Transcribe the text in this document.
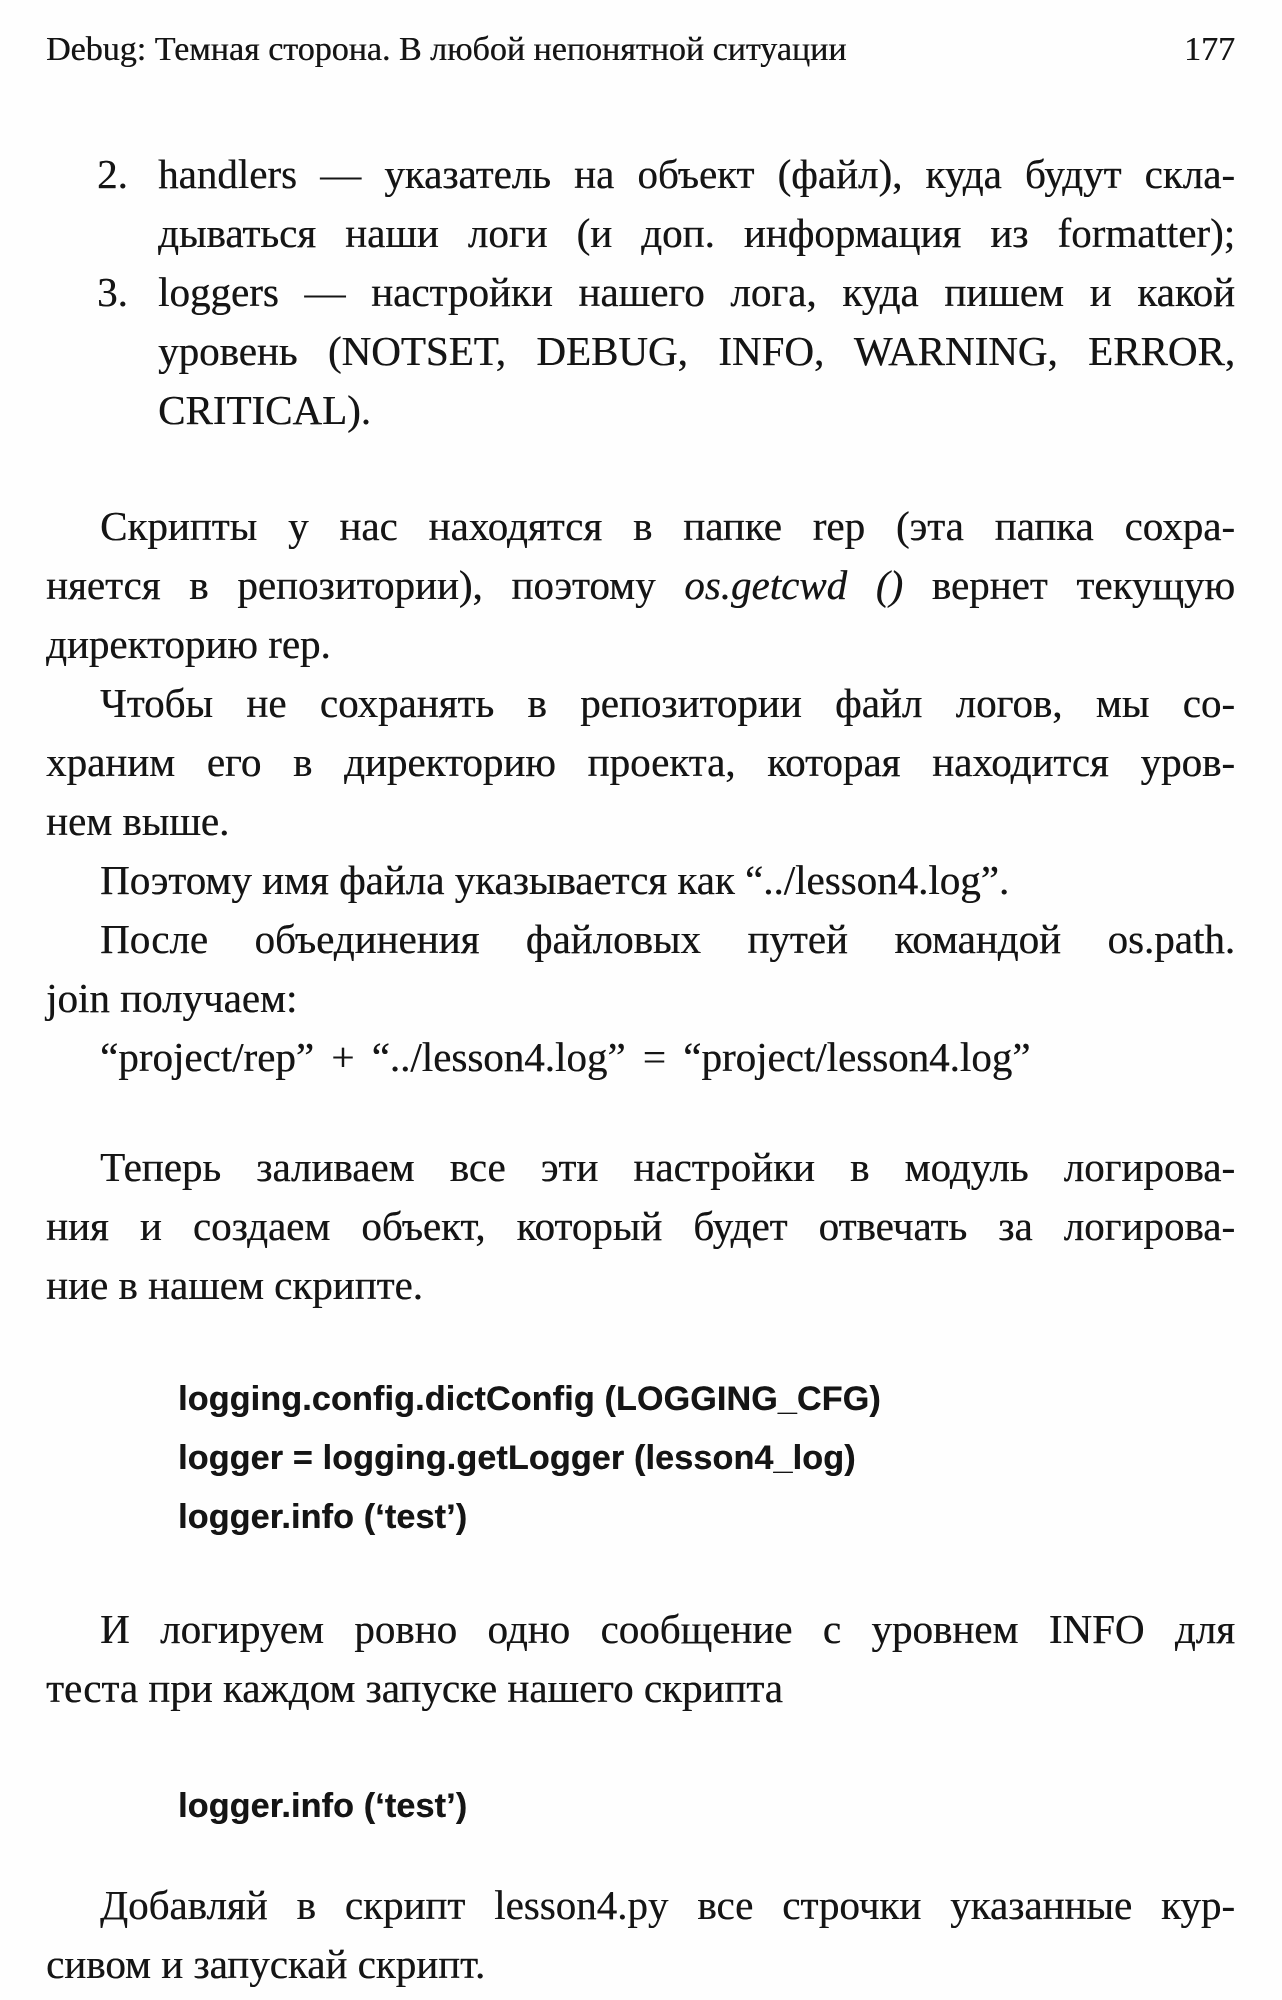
Debug: Темная сторона. В любой непонятной ситуации	177
2. handlers — указатель на объект (файл), куда будут скла-
дываться наши логи (и доп. информация из formatter);
3. loggers — настройки нашего лога, куда пишем и какой
уровень (NOTSET, DEBUG, INFO, WARNING, ERROR,
CRITICAL).
Скрипты у нас находятся в папке rep (эта папка сохра-
няется в репозитории), поэтому os.getcwd () вернет текущую
директорию rep.
Чтобы не сохранять в репозитории файл логов, мы со-
храним его в директорию проекта, которая находится уров-
нем выше.
Поэтому имя файла указывается как “../lesson4.log”.
После объединения файловых путей командой os.path.
join получаем:
“project/rep” + “../lesson4.log” = “project/lesson4.log”
Теперь заливаем все эти настройки в модуль логирова-
ния и создаем объект, который будет отвечать за логирова-
ние в нашем скрипте.
logging.config.dictConfig (LOGGING_CFG)
logger = logging.getLogger (lesson4_log)
logger.info (‘test’)
И логируем ровно одно сообщение с уровнем INFO для
теста при каждом запуске нашего скрипта
logger.info (‘test’)
Добавляй в скрипт lesson4.py все строчки указанные кур-
сивом и запускай скрипт.
